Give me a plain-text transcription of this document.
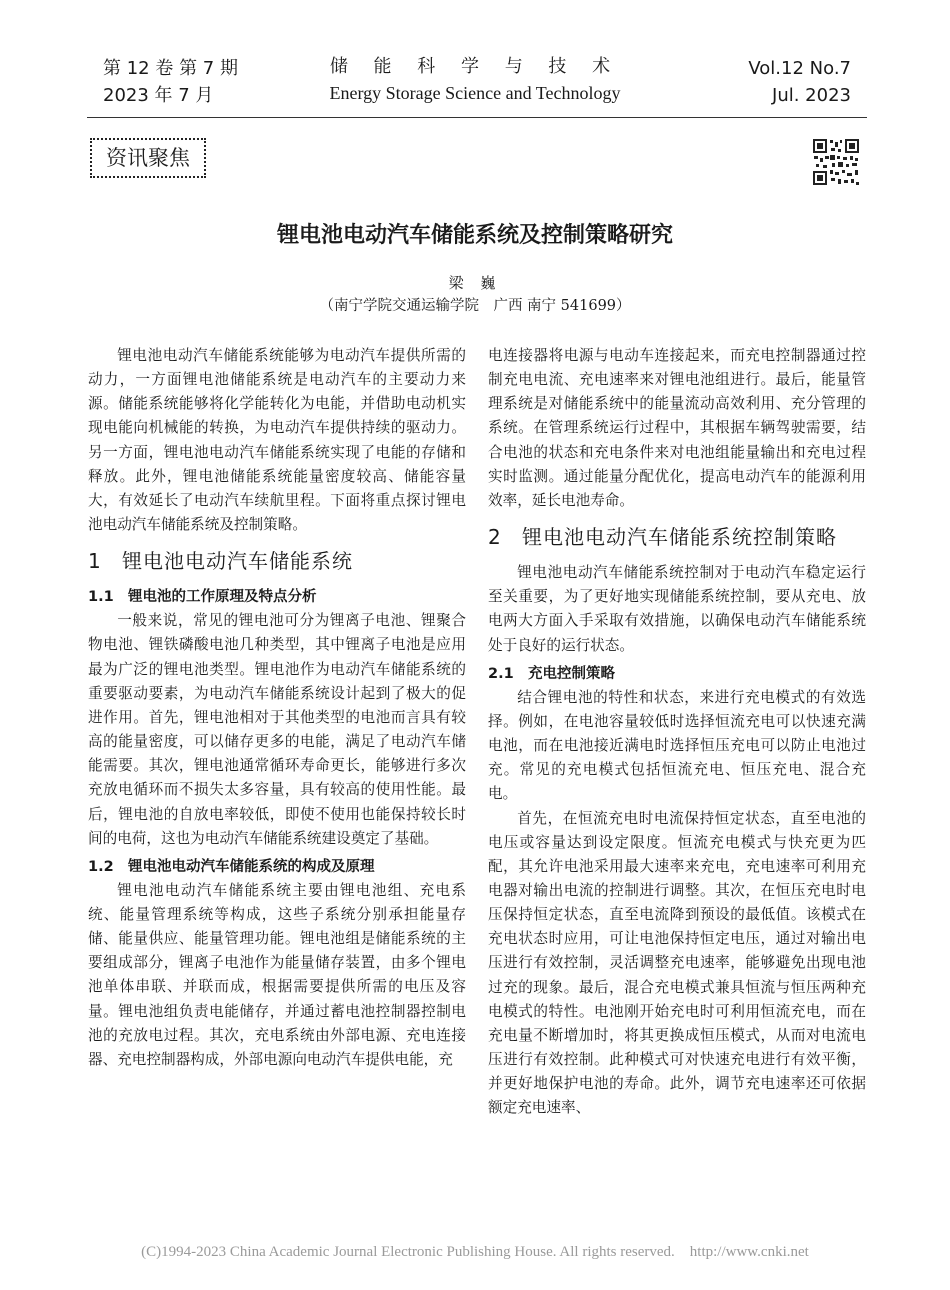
第 12 卷 第 7 期
2023 年 7 月
储 能 科 学 与 技 术
Energy Storage Science and Technology
Vol.12 No.7
Jul. 2023
资讯聚焦
锂电池电动汽车储能系统及控制策略研究
梁 巍
（南宁学院交通运输学院　广西 南宁 541699）

锂电池电动汽车储能系统能够为电动汽车提供所需的动力，一方面锂电池储能系统是电动汽车的主要动力来源。储能系统能够将化学能转化为电能，并借助电动机实现电能向机械能的转换，为电动汽车提供持续的驱动力。另一方面，锂电池电动汽车储能系统实现了电能的存储和释放。此外，锂电池储能系统能量密度较高、储能容量大，有效延长了电动汽车续航里程。下面将重点探讨锂电池电动汽车储能系统及控制策略。

1 锂电池电动汽车储能系统
1.1 锂电池的工作原理及特点分析

一般来说，常见的锂电池可分为锂离子电池、锂聚合物电池、锂铁磷酸电池几种类型，其中锂离子电池是应用最为广泛的锂电池类型。锂电池作为电动汽车储能系统的重要驱动要素，为电动汽车储能系统设计起到了极大的促进作用。首先，锂电池相对于其他类型的电池而言具有较高的能量密度，可以储存更多的电能，满足了电动汽车储能需要。其次，锂电池通常循环寿命更长，能够进行多次充放电循环而不损失太多容量，具有较高的使用性能。最后，锂电池的自放电率较低，即使不使用也能保持较长时间的电荷，这也为电动汽车储能系统建设奠定了基础。

1.2 锂电池电动汽车储能系统的构成及原理

锂电池电动汽车储能系统主要由锂电池组、充电系统、能量管理系统等构成，这些子系统分别承担能量存储、能量供应、能量管理功能。锂电池组是储能系统的主要组成部分，锂离子电池作为能量储存装置，由多个锂电池单体串联、并联而成，根据需要提供所需的电压及容量。锂电池组负责电能储存，并通过蓄电池控制器控制电池的充放电过程。其次，充电系统由外部电源、充电连接器、充电控制器构成，外部电源向电动汽车提供电能，充

电连接器将电源与电动车连接起来，而充电控制器通过控制充电电流、充电速率来对锂电池组进行。最后，能量管理系统是对储能系统中的能量流动高效利用、充分管理的系统。在管理系统运行过程中，其根据车辆驾驶需要，结合电池的状态和充电条件来对电池组能量输出和充电过程实时监测。通过能量分配优化，提高电动汽车的能源利用效率，延长电池寿命。

2 锂电池电动汽车储能系统控制策略

锂电池电动汽车储能系统控制对于电动汽车稳定运行至关重要，为了更好地实现储能系统控制，要从充电、放电两大方面入手采取有效措施，以确保电动汽车储能系统处于良好的运行状态。

2.1 充电控制策略

结合锂电池的特性和状态，来进行充电模式的有效选择。例如，在电池容量较低时选择恒流充电可以快速充满电池，而在电池接近满电时选择恒压充电可以防止电池过充。常见的充电模式包括恒流充电、恒压充电、混合充电。

首先，在恒流充电时电流保持恒定状态，直至电池的电压或容量达到设定限度。恒流充电模式与快充更为匹配，其允许电池采用最大速率来充电，充电速率可利用充电器对输出电流的控制进行调整。其次，在恒压充电时电压保持恒定状态，直至电流降到预设的最低值。该模式在充电状态时应用，可让电池保持恒定电压，通过对输出电压进行有效控制，灵活调整充电速率，能够避免出现电池过充的现象。最后，混合充电模式兼具恒流与恒压两种充电模式的特性。电池刚开始充电时可利用恒流充电，而在充电量不断增加时，将其更换成恒压模式，从而对电流电压进行有效控制。此种模式可对快速充电进行有效平衡，并更好地保护电池的寿命。此外，调节充电速率还可依据额定充电速率、

(C)1994-2023 China Academic Journal Electronic Publishing House. All rights reserved.　http://www.cnki.net
